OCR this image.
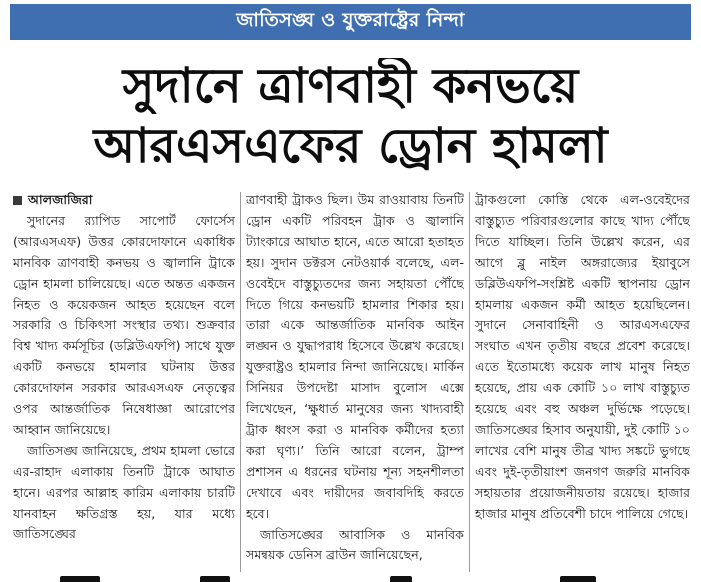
জাতিসঙ্ঘ ও যুক্তরাষ্ট্রের নিন্দা
সুদানে ত্রাণবাহী কনভয়ে
আরএসএফের ড্রোন হামলা
আলজাজিরা

সুদানের র‍্যাপিড সাপোর্ট ফোর্সেস (আরএসএফ) উত্তর কোরদোফানে একাধিক মানবিক ত্রাণবাহী কনভয় ও জ্বালানি ট্রাকে ড্রোন হামলা চালিয়েছে। এতে অন্তত একজন নিহত ও কয়েকজন আহত হয়েছেন বলে সরকারি ও চিকিৎসা সংস্থার তথ্য। শুক্রবার বিশ্ব খাদ্য কর্মসূচির (ডব্লিউএফপি) সাথে যুক্ত একটি কনভয়ে হামলার ঘটনায় উত্তর কোরদোফান সরকার আরএসএফ নেতৃত্বের ওপর আন্তর্জাতিক নিষেধাজ্ঞা আরোপের আহ্বান জানিয়েছে।

জাতিসঙ্ঘ জানিয়েছে, প্রথম হামলা ভোরে এর-রাহাদ এলাকায় তিনটি ট্রাকে আঘাত হানে। এরপর আল্লাহ কারিম এলাকায় চারটি যানবাহন ক্ষতিগ্রস্ত হয়, যার মধ্যে জাতিসঙ্ঘের

ত্রাণবাহী ট্রাকও ছিল। উম রাওয়াবায় তিনটি ড্রোন একটি পরিবহন ট্রাক ও জ্বালানি ট্যাংকারে আঘাত হানে, এতে আরো হতাহত হয়। সুদান ডক্টরস নেটওয়ার্ক বলেছে, এল-ওবেইদে বাস্তুচ্যুতদের জন্য সহায়তা পৌঁছে দিতে গিয়ে কনভয়টি হামলার শিকার হয়। তারা একে আন্তর্জাতিক মানবিক আইন লঙ্ঘন ও যুদ্ধাপরাধ হিসেবে উল্লেখ করেছে। যুক্তরাষ্ট্রও হামলার নিন্দা জানিয়েছে। মার্কিন সিনিয়র উপদেষ্টা মাসাদ বুলোস এক্সে লিখেছেন, ‘ক্ষুধার্ত মানুষের জন্য খাদ্যবাহী ট্রাক ধ্বংস করা ও মানবিক কর্মীদের হত্যা করা ঘৃণ্য।’ তিনি আরো বলেন, ট্রাম্প প্রশাসন এ ধরনের ঘটনায় শূন্য সহনশীলতা দেখাবে এবং দায়ীদের জবাবদিহি করতে হবে।

জাতিসঙ্ঘের আবাসিক ও মানবিক সমন্বয়ক ডেনিস ব্রাউন জানিয়েছেন,

ট্রাকগুলো কোস্তি থেকে এল-ওবেইদের বাস্তুচ্যুত পরিবারগুলোর কাছে খাদ্য পৌঁছে দিতে যাচ্ছিল। তিনি উল্লেখ করেন, এর আগে ব্লু নাইল অঙ্গরাজ্যের ইয়াবুসে ডব্লিউএফপি-সংশ্লিষ্ট একটি স্থাপনায় ড্রোন হামলায় একজন কর্মী আহত হয়েছিলেন। সুদানে সেনাবাহিনী ও আরএসএফের সংঘাত এখন তৃতীয় বছরে প্রবেশ করেছে। এতে ইতোমধ্যে কয়েক লাখ মানুষ নিহত হয়েছে, প্রায় এক কোটি ১০ লাখ বাস্তুচ্যুত হয়েছে এবং বহু অঞ্চল দুর্ভিক্ষে পড়েছে। জাতিসঙ্ঘের হিসাব অনুযায়ী, দুই কোটি ১০ লাখের বেশি মানুষ তীব্র খাদ্য সঙ্কটে ভুগছে এবং দুই-তৃতীয়াংশ জনগণ জরুরি মানবিক সহায়তার প্রয়োজনীয়তায় রয়েছে। হাজার হাজার মানুষ প্রতিবেশী চাদে পালিয়ে গেছে।
